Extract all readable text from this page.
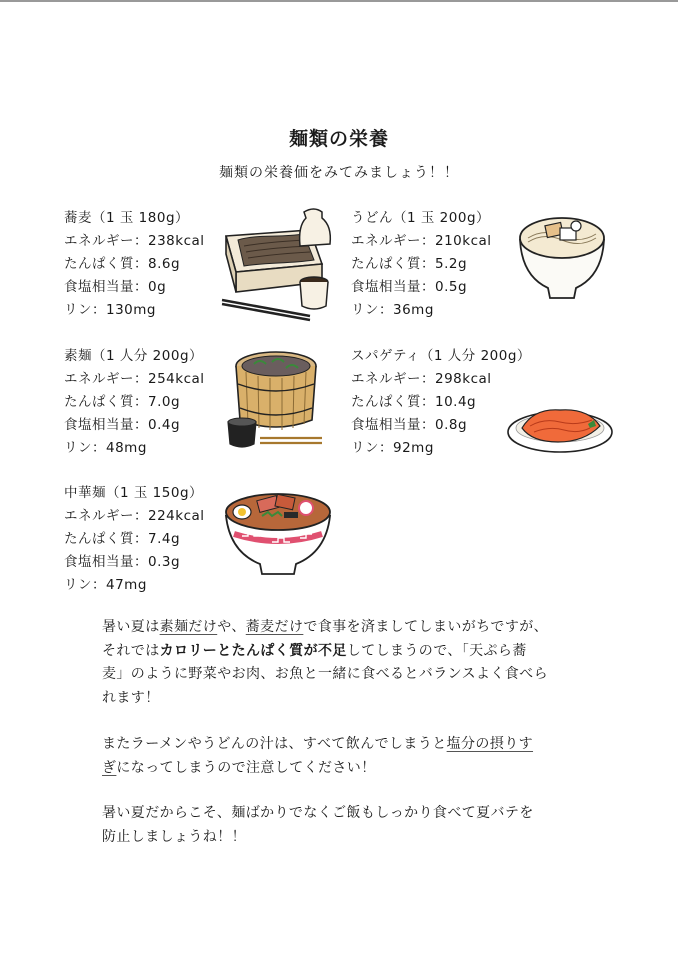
麺類の栄養
麺類の栄養価をみてみましょう！！
蕎麦（1 玉 180g）
エネルギー：238kcal
たんぱく質：8.6g
食塩相当量：0g
リン：130mg
うどん（1 玉 200g）
エネルギー：210kcal
たんぱく質：5.2g
食塩相当量：0.5g
リン：36mg
素麺（1 人分 200g）
エネルギー：254kcal
たんぱく質：7.0g
食塩相当量：0.4g
リン：48mg
スパゲティ（1 人分 200g）
エネルギー：298kcal
たんぱく質：10.4g
食塩相当量：0.8g
リン：92mg
中華麺（1 玉 150g）
エネルギー：224kcal
たんぱく質：7.4g
食塩相当量：0.3g
リン：47mg
暑い夏は素麺だけや、蕎麦だけで食事を済ましてしまいがちですが、
それではカロリーとたんぱく質が不足してしまうので、「天ぷら蕎
麦」のように野菜やお肉、お魚と一緒に食べるとバランスよく食べら
れます！
またラーメンやうどんの汁は、すべて飲んでしまうと塩分の摂りす
ぎになってしまうので注意してください！
暑い夏だからこそ、麺ばかりでなくご飯もしっかり食べて夏バテを
防止しましょうね！！
